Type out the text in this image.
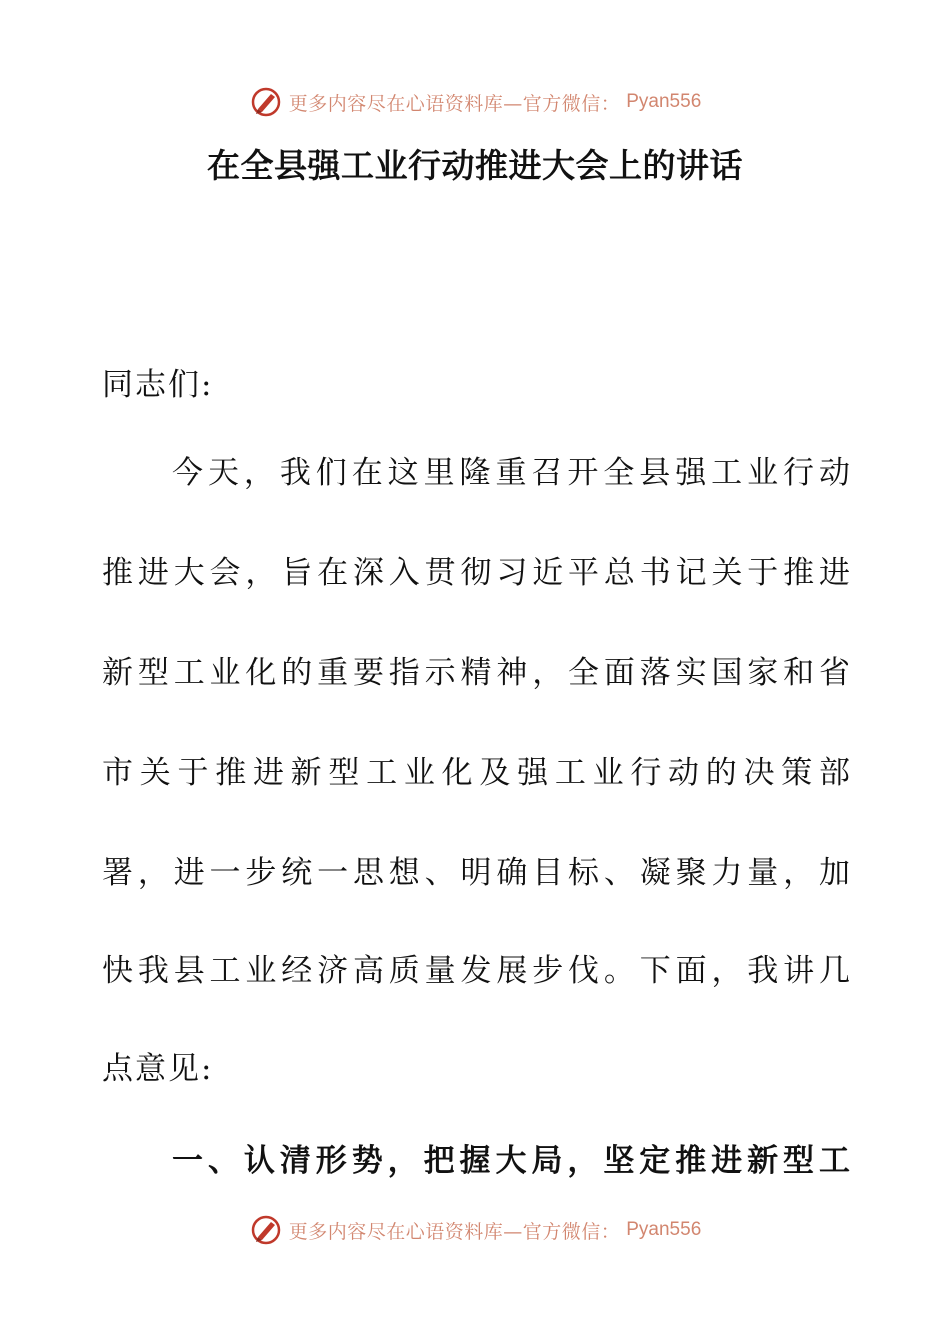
更多内容尽在心语资料库—官方微信： Pyan556
在全县强工业行动推进大会上的讲话

同志们:

今天，我们在这里隆重召开全县强工业行动
推进大会，旨在深入贯彻习近平总书记关于推进
新型工业化的重要指示精神，全面落实国家和省
市关于推进新型工业化及强工业行动的决策部
署，进一步统一思想、明确目标、凝聚力量，加
快我县工业经济高质量发展步伐。下面，我讲几
点意见:
一、认清形势，把握大局，坚定推进新型工
更多内容尽在心语资料库—官方微信： Pyan556
